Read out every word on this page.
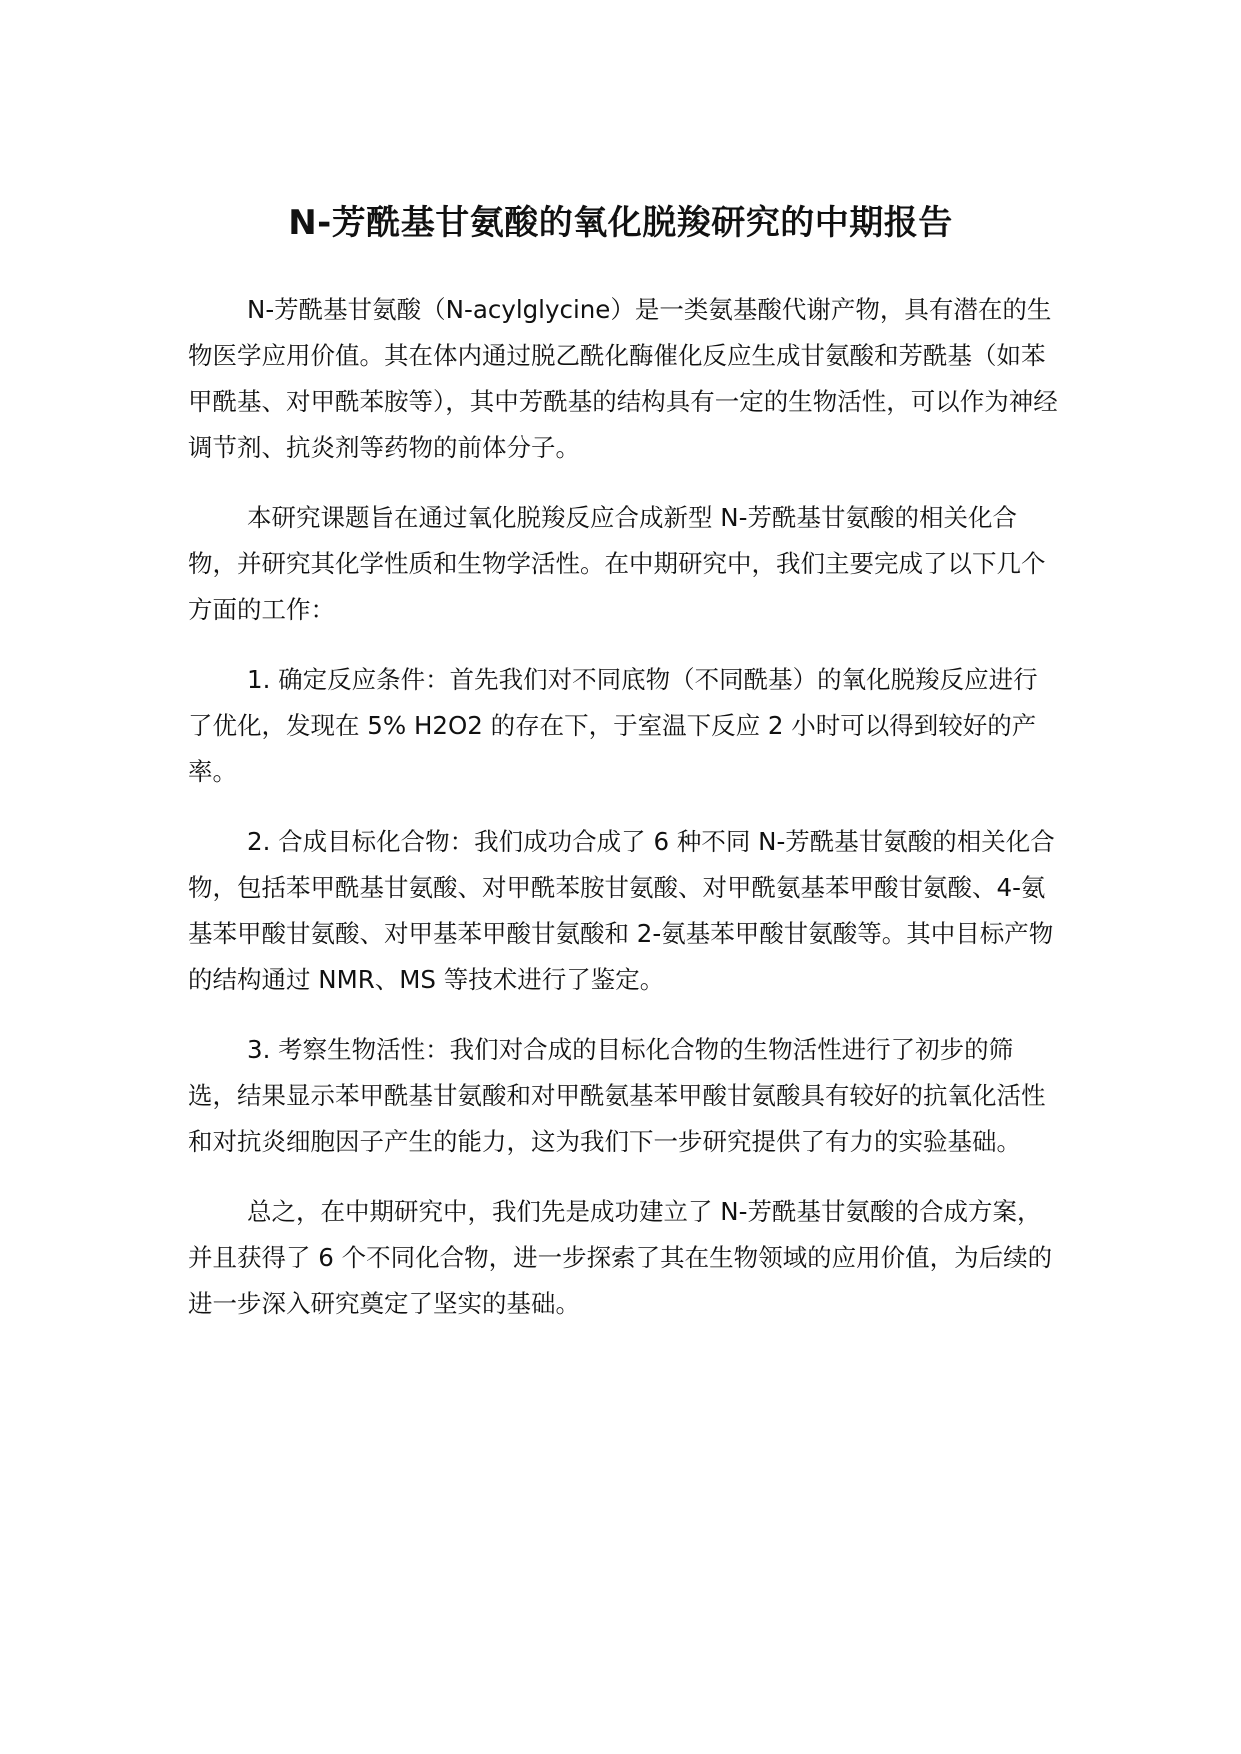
N-芳酰基甘氨酸的氧化脱羧研究的中期报告

N-芳酰基甘氨酸（N-acylglycine）是一类氨基酸代谢产物，具有潜在的生物医学应用价值。其在体内通过脱乙酰化酶催化反应生成甘氨酸和芳酰基（如苯甲酰基、对甲酰苯胺等），其中芳酰基的结构具有一定的生物活性，可以作为神经调节剂、抗炎剂等药物的前体分子。

本研究课题旨在通过氧化脱羧反应合成新型 N-芳酰基甘氨酸的相关化合物，并研究其化学性质和生物学活性。在中期研究中，我们主要完成了以下几个方面的工作：

1. 确定反应条件：首先我们对不同底物（不同酰基）的氧化脱羧反应进行了优化，发现在 5% H2O2 的存在下，于室温下反应 2 小时可以得到较好的产率。

2. 合成目标化合物：我们成功合成了 6 种不同 N-芳酰基甘氨酸的相关化合物，包括苯甲酰基甘氨酸、对甲酰苯胺甘氨酸、对甲酰氨基苯甲酸甘氨酸、4-氨基苯甲酸甘氨酸、对甲基苯甲酸甘氨酸和 2-氨基苯甲酸甘氨酸等。其中目标产物的结构通过 NMR、MS 等技术进行了鉴定。

3. 考察生物活性：我们对合成的目标化合物的生物活性进行了初步的筛选，结果显示苯甲酰基甘氨酸和对甲酰氨基苯甲酸甘氨酸具有较好的抗氧化活性和对抗炎细胞因子产生的能力，这为我们下一步研究提供了有力的实验基础。

总之，在中期研究中，我们先是成功建立了 N-芳酰基甘氨酸的合成方案，并且获得了 6 个不同化合物，进一步探索了其在生物领域的应用价值，为后续的进一步深入研究奠定了坚实的基础。
